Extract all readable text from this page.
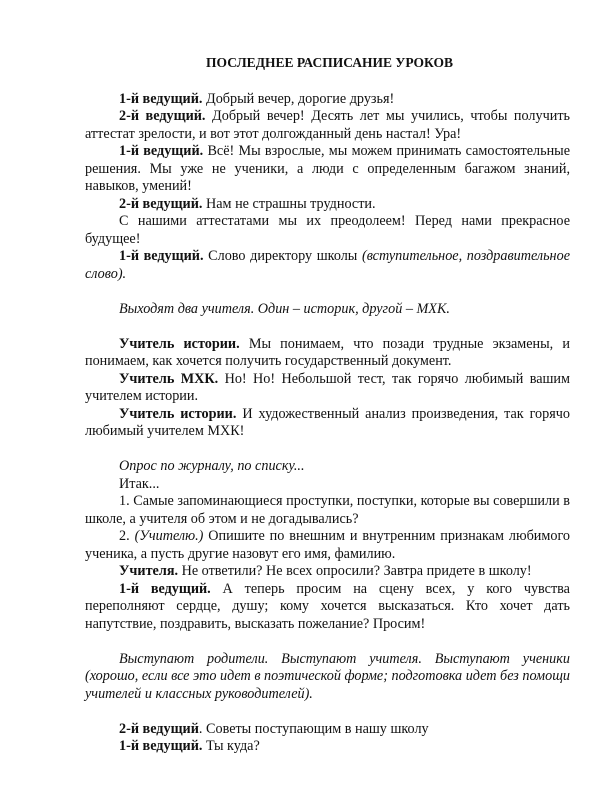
ПОСЛЕДНЕЕ РАСПИСАНИЕ УРОКОВ

1-й ведущий. Добрый вечер, дорогие друзья!

2-й ведущий. Добрый вечер! Десять лет мы учились, чтобы получить аттестат зрелости, и вот этот долгожданный день настал! Ура!

1-й ведущий. Всё! Мы взрослые, мы можем принимать самостоятельные решения. Мы уже не ученики, а люди с определенным багажом знаний, навыков, умений!

2-й ведущий. Нам не страшны трудности.

С нашими аттестатами мы их преодолеем! Перед нами прекрасное будущее!

1-й ведущий. Слово директору школы (вступительное, поздравительное слово).

Выходят два учителя. Один – историк, другой – МХК.

Учитель истории. Мы понимаем, что позади трудные экзамены, и понимаем, как хочется получить государственный документ.

Учитель МХК. Но! Но! Небольшой тест, так горячо любимый вашим учителем истории.

Учитель истории. И художественный анализ произведения, так горячо любимый учителем МХК!

Опрос по журналу, по списку...

Итак...

1. Самые запоминающиеся проступки, поступки, которые вы совершили в школе, а учителя об этом и не догадывались?

2. (Учителю.) Опишите по внешним и внутренним признакам любимого ученика, а пусть другие назовут его имя, фамилию.

Учителя. Не ответили? Не всех опросили? Завтра придете в школу!

1-й ведущий. А теперь просим на сцену всех, у кого чувства переполняют сердце, душу; кому хочется высказаться. Кто хочет дать напутствие, поздравить, высказать пожелание? Просим!

Выступают родители. Выступают учителя. Выступают ученики (хорошо, если все это идет в поэтической форме; подготовка идет без помощи учителей и классных руководителей).

2-й ведущий. Советы поступающим в нашу школу

1-й ведущий. Ты куда?
